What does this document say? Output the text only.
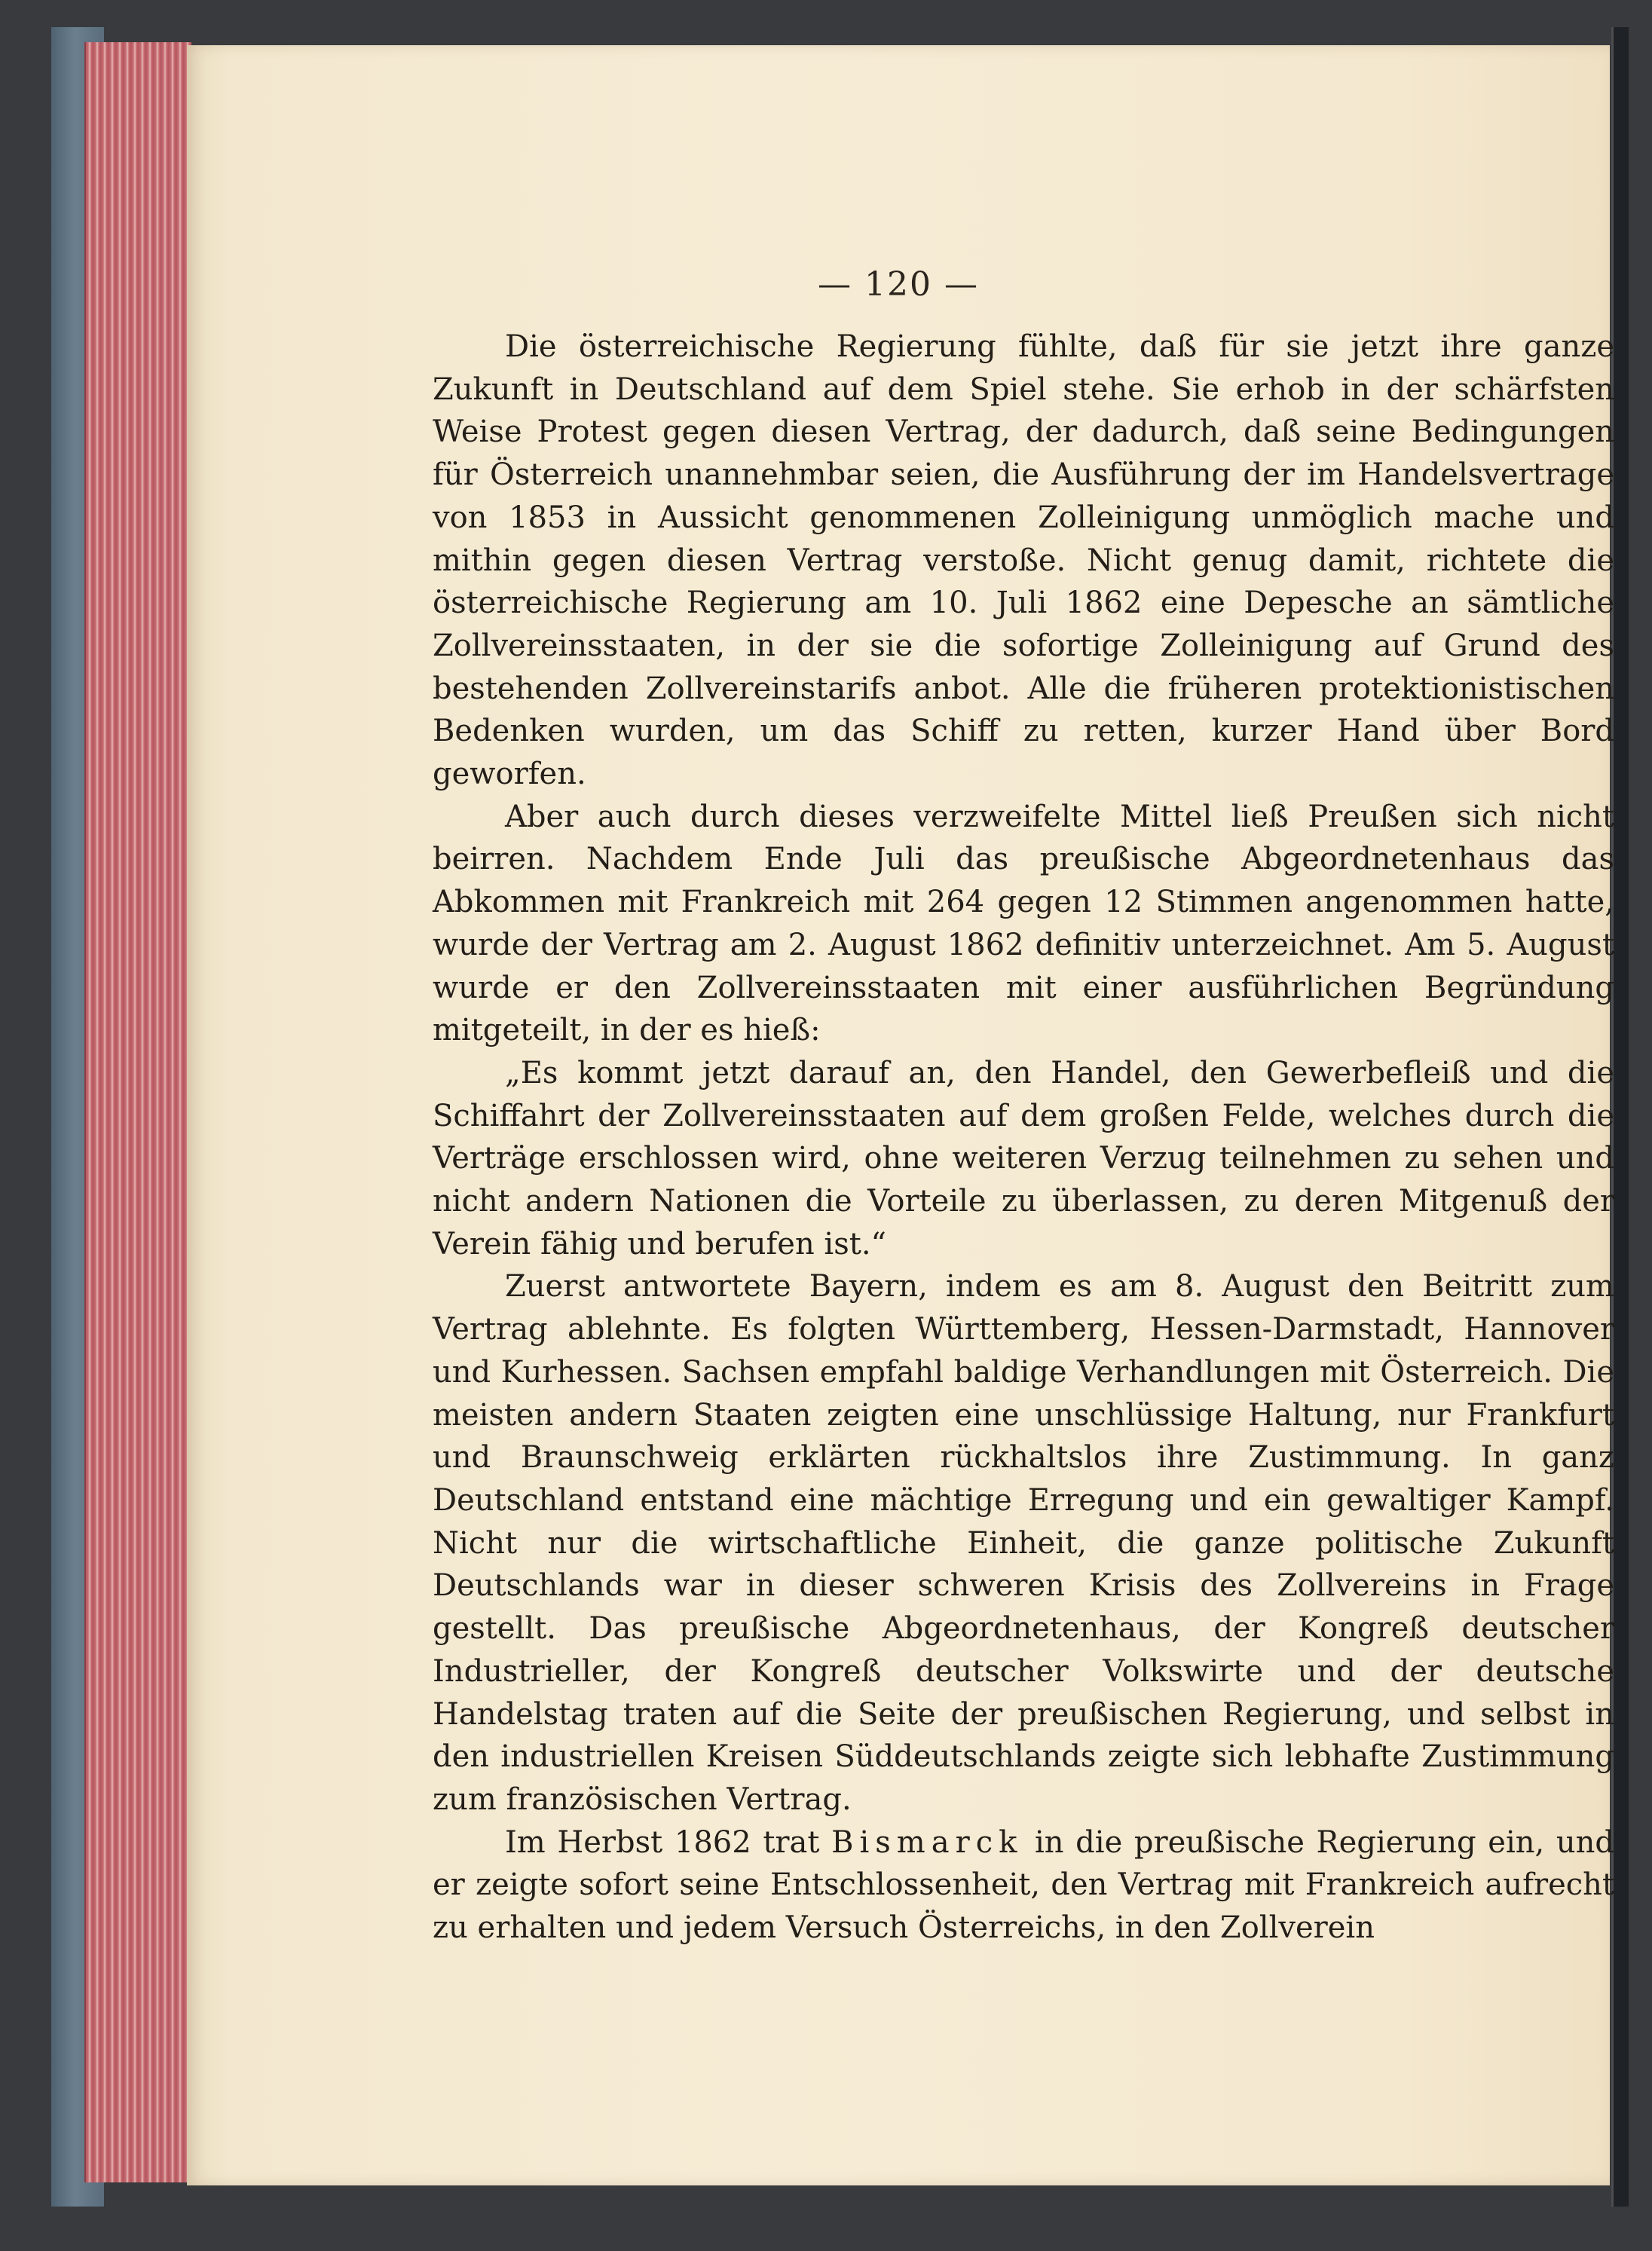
— 120 —

Die österreichische Regierung fühlte, daß für sie jetzt ihre ganze Zukunft in Deutschland auf dem Spiel stehe. Sie erhob in der schärfsten Weise Protest gegen diesen Vertrag, der dadurch, daß seine Bedingungen für Österreich unannehmbar seien, die Ausführung der im Handelsvertrage von 1853 in Aussicht genommenen Zolleinigung unmöglich mache und mithin gegen diesen Vertrag verstoße. Nicht genug damit, richtete die österreichische Regierung am 10. Juli 1862 eine Depesche an sämtliche Zollvereinsstaaten, in der sie die sofortige Zolleinigung auf Grund des bestehenden Zollvereinstarifs anbot. Alle die früheren protektionistischen Bedenken wurden, um das Schiff zu retten, kurzer Hand über Bord geworfen.

Aber auch durch dieses verzweifelte Mittel ließ Preußen sich nicht beirren. Nachdem Ende Juli das preußische Abgeordnetenhaus das Abkommen mit Frankreich mit 264 gegen 12 Stimmen angenommen hatte, wurde der Vertrag am 2. August 1862 definitiv unterzeichnet. Am 5. August wurde er den Zollvereinsstaaten mit einer ausführlichen Begründung mitgeteilt, in der es hieß:

„Es kommt jetzt darauf an, den Handel, den Gewerbefleiß und die Schiffahrt der Zollvereinsstaaten auf dem großen Felde, welches durch die Verträge erschlossen wird, ohne weiteren Verzug teilnehmen zu sehen und nicht andern Nationen die Vorteile zu überlassen, zu deren Mitgenuß der Verein fähig und berufen ist.“

Zuerst antwortete Bayern, indem es am 8. August den Beitritt zum Vertrag ablehnte. Es folgten Württemberg, Hessen-Darmstadt, Hannover und Kurhessen. Sachsen empfahl baldige Verhandlungen mit Österreich. Die meisten andern Staaten zeigten eine unschlüssige Haltung, nur Frankfurt und Braunschweig erklärten rückhaltslos ihre Zustimmung. In ganz Deutschland entstand eine mächtige Erregung und ein gewaltiger Kampf. Nicht nur die wirtschaftliche Einheit, die ganze politische Zukunft Deutschlands war in dieser schweren Krisis des Zollvereins in Frage gestellt. Das preußische Abgeordnetenhaus, der Kongreß deutscher Industrieller, der Kongreß deutscher Volkswirte und der deutsche Handelstag traten auf die Seite der preußischen Regierung, und selbst in den industriellen Kreisen Süddeutschlands zeigte sich lebhafte Zustimmung zum französischen Vertrag.

Im Herbst 1862 trat Bismarck in die preußische Regierung ein, und er zeigte sofort seine Entschlossenheit, den Vertrag mit Frankreich aufrecht zu erhalten und jedem Versuch Österreichs, in den Zollverein
